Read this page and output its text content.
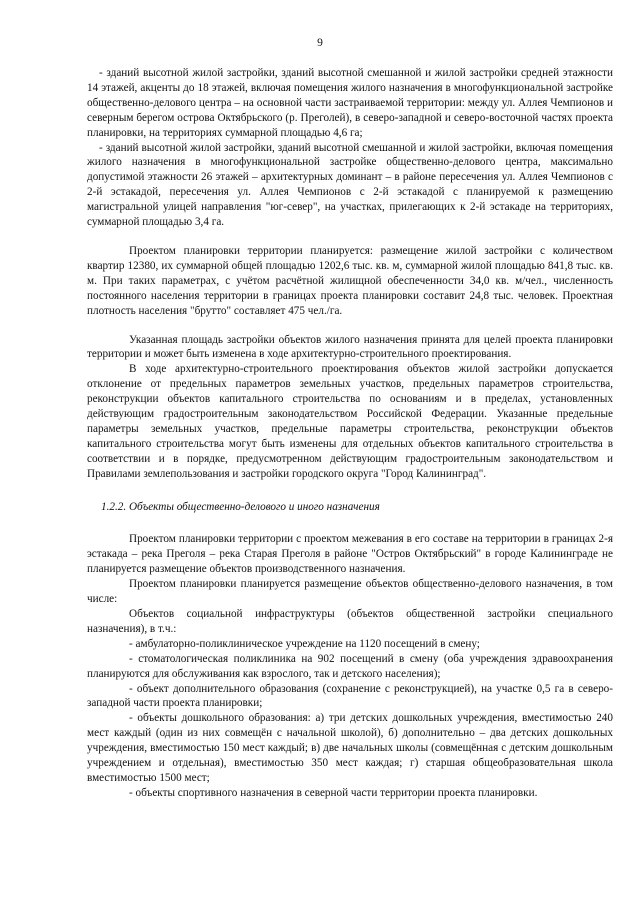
9

- зданий высотной жилой застройки, зданий высотной смешанной и жилой застройки средней этажности 14 этажей, акценты до 18 этажей, включая помещения жилого назначения в многофункциональной застройке общественно-делового центра – на основной части застраиваемой территории: между ул. Аллея Чемпионов и северным берегом острова Октябрьского (р. Преголей), в северо-западной и северо-восточной частях проекта планировки, на территориях суммарной площадью 4,6 га;

- зданий высотной жилой застройки, зданий высотной смешанной и жилой застройки, включая помещения жилого назначения в многофункциональной застройке общественно-делового центра, максимально допустимой этажности 26 этажей – архитектурных доминант – в районе пересечения ул. Аллея Чемпионов с 2-й эстакадой, пересечения ул. Аллея Чемпионов с 2-й эстакадой с планируемой к размещению магистральной улицей направления "юг-север", на участках, прилегающих к 2-й эстакаде на территориях, суммарной площадью 3,4 га.

Проектом планировки территории планируется: размещение жилой застройки с количеством квартир 12380, их суммарной общей площадью 1202,6 тыс. кв. м, суммарной жилой площадью 841,8 тыс. кв. м. При таких параметрах, с учётом расчётной жилищной обеспеченности 34,0 кв. м/чел., численность постоянного населения территории в границах проекта планировки составит 24,8 тыс. человек. Проектная плотность населения "брутто" составляет 475 чел./га.

Указанная площадь застройки объектов жилого назначения принята для целей проекта планировки территории и может быть изменена в ходе архитектурно-строительного проектирования.

В ходе архитектурно-строительного проектирования объектов жилой застройки допускается отклонение от предельных параметров земельных участков, предельных параметров строительства, реконструкции объектов капитального строительства по основаниям и в пределах, установленных действующим градостроительным законодательством Российской Федерации. Указанные предельные параметры земельных участков, предельные параметры строительства, реконструкции объектов капитального строительства могут быть изменены для отдельных объектов капитального строительства в соответствии и в порядке, предусмотренном действующим градостроительным законодательством и Правилами землепользования и застройки городского округа "Город Калининград".

1.2.2. Объекты общественно-делового и иного назначения

Проектом планировки территории с проектом межевания в его составе на территории в границах 2-я эстакада – река Преголя – река Старая Преголя в районе "Остров Октябрьский" в городе Калининграде не планируется размещение объектов производственного назначения.

Проектом планировки планируется размещение объектов общественно-делового назначения, в том числе:

Объектов социальной инфраструктуры (объектов общественной застройки специального назначения), в т.ч.:

- амбулаторно-поликлиническое учреждение на 1120 посещений в смену;

- стоматологическая поликлиника на 902 посещений в смену (оба учреждения здравоохранения планируются для обслуживания как взрослого, так и детского населения);

- объект дополнительного образования (сохранение с реконструкцией), на участке 0,5 га в северо-западной части проекта планировки;

- объекты дошкольного образования: а) три детских дошкольных учреждения, вместимостью 240 мест каждый (один из них совмещён с начальной школой), б) дополнительно – два детских дошкольных учреждения, вместимостью 150 мест каждый; в) две начальных школы (совмещённая с детским дошкольным учреждением и отдельная), вместимостью 350 мест каждая; г) старшая общеобразовательная школа вместимостью 1500 мест;

- объекты спортивного назначения в северной части территории проекта планировки.
